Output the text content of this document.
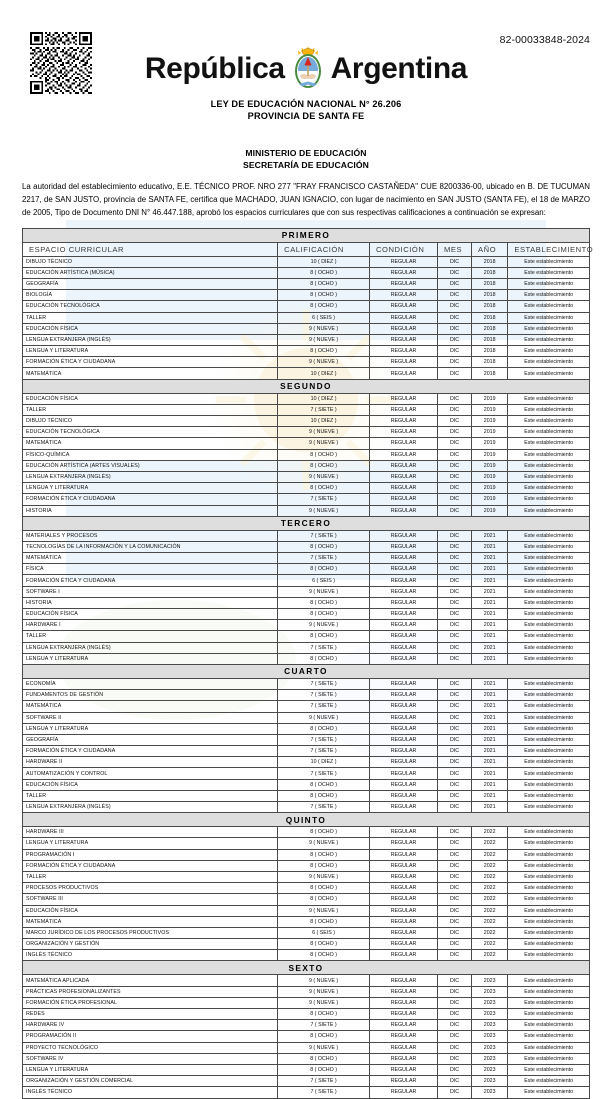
82-00033848-2024
República Argentina
LEY DE EDUCACIÓN NACIONAL N° 26.206
PROVINCIA DE SANTA FE
MINISTERIO DE EDUCACIÓN
SECRETARÍA DE EDUCACIÓN

La autoridad del establecimiento educativo, E.E. TÉCNICO PROF. NRO 277 "FRAY FRANCISCO CASTAÑEDA" CUE 8200336-00, ubicado en B. DE TUCUMAN 2217, de SAN JUSTO, provincia de SANTA FE, certifica que MACHADO, JUAN IGNACIO, con lugar de nacimiento en SAN JUSTO (SANTA FE), el 18 de MARZO de 2005, Tipo de Documento DNI N° 46.447.188, aprobó los espacios curriculares que con sus respectivas calificaciones a continuación se expresan:

PRIMERO					
ESPACIO CURRICULAR	CALIFICACIÓN	CONDICIÓN	MES	AÑO	ESTABLECIMIENTO
DIBUJO TÉCNICO	10 ( DIEZ )	REGULAR	DIC	2018	Este establecimiento
EDUCACIÓN ARTÍSTICA (MÚSICA)	8 ( OCHO )	REGULAR	DIC	2018	Este establecimiento
GEOGRAFÍA	8 ( OCHO )	REGULAR	DIC	2018	Este establecimiento
BIOLOGÍA	8 ( OCHO )	REGULAR	DIC	2018	Este establecimiento
EDUCACIÓN TECNOLÓGICA	8 ( OCHO )	REGULAR	DIC	2018	Este establecimiento
TALLER	6 ( SEIS )	REGULAR	DIC	2018	Este establecimiento
EDUCACIÓN FÍSICA	9 ( NUEVE )	REGULAR	DIC	2018	Este establecimiento
LENGUA EXTRANJERA (INGLÉS)	9 ( NUEVE )	REGULAR	DIC	2018	Este establecimiento
LENGUA Y LITERATURA	8 ( OCHO )	REGULAR	DIC	2018	Este establecimiento
FORMACIÓN ÉTICA Y CIUDADANA	9 ( NUEVE )	REGULAR	DIC	2018	Este establecimiento
MATEMÁTICA	10 ( DIEZ )	REGULAR	DIC	2018	Este establecimiento
SEGUNDO					
EDUCACIÓN FÍSICA	10 ( DIEZ )	REGULAR	DIC	2019	Este establecimiento
TALLER	7 ( SIETE )	REGULAR	DIC	2019	Este establecimiento
DIBUJO TÉCNICO	10 ( DIEZ )	REGULAR	DIC	2019	Este establecimiento
EDUCACIÓN TECNOLÓGICA	9 ( NUEVE )	REGULAR	DIC	2019	Este establecimiento
MATEMÁTICA	9 ( NUEVE )	REGULAR	DIC	2019	Este establecimiento
FÍSICO-QUÍMICA	8 ( OCHO )	REGULAR	DIC	2019	Este establecimiento
EDUCACIÓN ARTÍSTICA (ARTES VISUALES)	8 ( OCHO )	REGULAR	DIC	2019	Este establecimiento
LENGUA EXTRANJERA (INGLÉS)	9 ( NUEVE )	REGULAR	DIC	2019	Este establecimiento
LENGUA Y LITERATURA	8 ( OCHO )	REGULAR	DIC	2019	Este establecimiento
FORMACIÓN ÉTICA Y CIUDADANA	7 ( SIETE )	REGULAR	DIC	2019	Este establecimiento
HISTORIA	9 ( NUEVE )	REGULAR	DIC	2019	Este establecimiento
TERCERO					
MATERIALES Y PROCESOS	7 ( SIETE )	REGULAR	DIC	2021	Este establecimiento
TECNOLOGÍAS DE LA INFORMACIÓN Y LA COMUNICACIÓN	8 ( OCHO )	REGULAR	DIC	2021	Este establecimiento
MATEMÁTICA	7 ( SIETE )	REGULAR	DIC	2021	Este establecimiento
FÍSICA	8 ( OCHO )	REGULAR	DIC	2021	Este establecimiento
FORMACIÓN ÉTICA Y CIUDADANA	6 ( SEIS )	REGULAR	DIC	2021	Este establecimiento
SOFTWARE I	9 ( NUEVE )	REGULAR	DIC	2021	Este establecimiento
HISTORIA	8 ( OCHO )	REGULAR	DIC	2021	Este establecimiento
EDUCACIÓN FÍSICA	8 ( OCHO )	REGULAR	DIC	2021	Este establecimiento
HARDWARE I	9 ( NUEVE )	REGULAR	DIC	2021	Este establecimiento
TALLER	8 ( OCHO )	REGULAR	DIC	2021	Este establecimiento
LENGUA EXTRANJERA (INGLÉS)	7 ( SIETE )	REGULAR	DIC	2021	Este establecimiento
LENGUA Y LITERATURA	8 ( OCHO )	REGULAR	DIC	2021	Este establecimiento
CUARTO					
ECONOMÍA	7 ( SIETE )	REGULAR	DIC	2021	Este establecimiento
FUNDAMENTOS DE GESTIÓN	7 ( SIETE )	REGULAR	DIC	2021	Este establecimiento
MATEMÁTICA	7 ( SIETE )	REGULAR	DIC	2021	Este establecimiento
SOFTWARE II	9 ( NUEVE )	REGULAR	DIC	2021	Este establecimiento
LENGUA Y LITERATURA	8 ( OCHO )	REGULAR	DIC	2021	Este establecimiento
GEOGRAFÍA	7 ( SIETE )	REGULAR	DIC	2021	Este establecimiento
FORMACIÓN ÉTICA Y CIUDADANA	7 ( SIETE )	REGULAR	DIC	2021	Este establecimiento
HARDWARE II	10 ( DIEZ )	REGULAR	DIC	2021	Este establecimiento
AUTOMATIZACIÓN Y CONTROL	7 ( SIETE )	REGULAR	DIC	2021	Este establecimiento
EDUCACIÓN FÍSICA	8 ( OCHO )	REGULAR	DIC	2021	Este establecimiento
TALLER	8 ( OCHO )	REGULAR	DIC	2021	Este establecimiento
LENGUA EXTRANJERA (INGLÉS)	7 ( SIETE )	REGULAR	DIC	2021	Este establecimiento
QUINTO					
HARDWARE III	8 ( OCHO )	REGULAR	DIC	2022	Este establecimiento
LENGUA Y LITERATURA	9 ( NUEVE )	REGULAR	DIC	2022	Este establecimiento
PROGRAMACIÓN I	8 ( OCHO )	REGULAR	DIC	2022	Este establecimiento
FORMACIÓN ÉTICA Y CIUDADANA	8 ( OCHO )	REGULAR	DIC	2022	Este establecimiento
TALLER	9 ( NUEVE )	REGULAR	DIC	2022	Este establecimiento
PROCESOS PRODUCTIVOS	8 ( OCHO )	REGULAR	DIC	2022	Este establecimiento
SOFTWARE III	8 ( OCHO )	REGULAR	DIC	2022	Este establecimiento
EDUCACIÓN FÍSICA	9 ( NUEVE )	REGULAR	DIC	2022	Este establecimiento
MATEMÁTICA	8 ( OCHO )	REGULAR	DIC	2022	Este establecimiento
MARCO JURÍDICO DE LOS PROCESOS PRODUCTIVOS	6 ( SEIS )	REGULAR	DIC	2022	Este establecimiento
ORGANIZACIÓN Y GESTIÓN	8 ( OCHO )	REGULAR	DIC	2022	Este establecimiento
INGLÉS TÉCNICO	8 ( OCHO )	REGULAR	DIC	2022	Este establecimiento
SEXTO					
MATEMÁTICA APLICADA	9 ( NUEVE )	REGULAR	DIC	2023	Este establecimiento
PRÁCTICAS PROFESIONALIZANTES	9 ( NUEVE )	REGULAR	DIC	2023	Este establecimiento
FORMACIÓN ÉTICA PROFESIONAL	9 ( NUEVE )	REGULAR	DIC	2023	Este establecimiento
REDES	8 ( OCHO )	REGULAR	DIC	2023	Este establecimiento
HARDWARE IV	7 ( SIETE )	REGULAR	DIC	2023	Este establecimiento
PROGRAMACIÓN II	8 ( OCHO )	REGULAR	DIC	2023	Este establecimiento
PROYECTO TECNOLÓGICO	9 ( NUEVE )	REGULAR	DIC	2023	Este establecimiento
SOFTWARE IV	8 ( OCHO )	REGULAR	DIC	2023	Este establecimiento
LENGUA Y LITERATURA	8 ( OCHO )	REGULAR	DIC	2023	Este establecimiento
ORGANIZACIÓN Y GESTIÓN COMERCIAL	7 ( SIETE )	REGULAR	DIC	2023	Este establecimiento
INGLÉS TÉCNICO	7 ( SIETE )	REGULAR	DIC	2023	Este establecimiento
